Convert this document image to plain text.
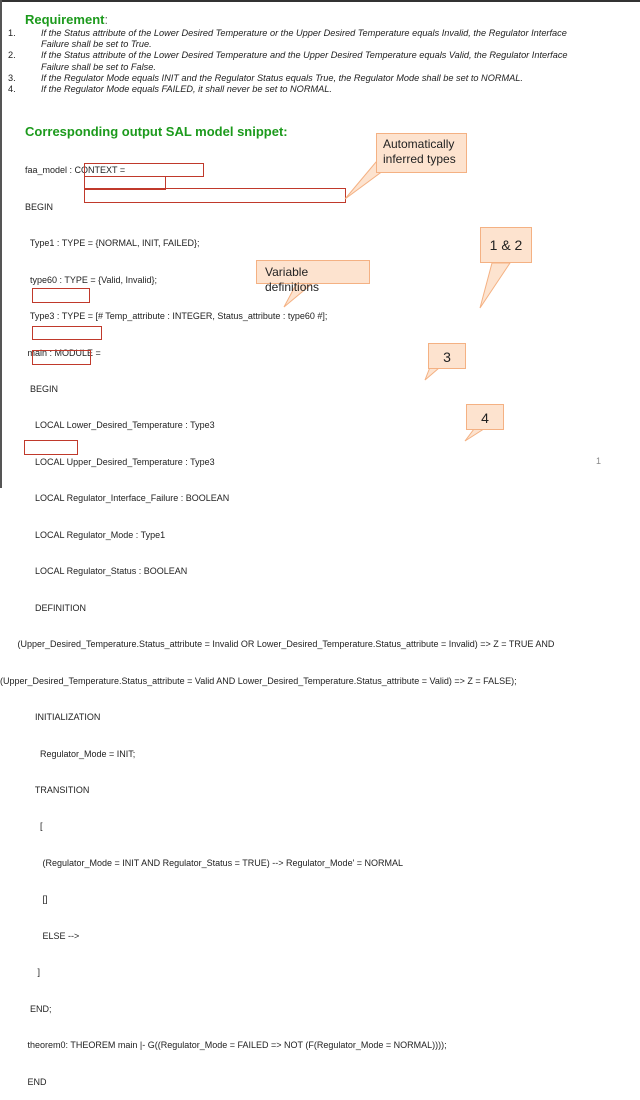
Requirement:
1.	If the Status attribute of the Lower Desired Temperature or the Upper Desired Temperature equals Invalid, the Regulator Interface
Failure shall be set to True.
2.	If the Status attribute of the Lower Desired Temperature and the Upper Desired Temperature equals Valid, the Regulator Interface
Failure shall be set to False.
3.	If the Regulator Mode equals INIT and the Regulator Status equals True, the Regulator Mode shall be set to NORMAL.
4.	If the Regulator Mode equals FAILED, it shall never be set to NORMAL.
Corresponding output SAL model snippet:

faa_model : CONTEXT =

BEGIN

Type1 : TYPE = {NORMAL, INIT, FAILED};

type60 : TYPE = {Valid, Invalid};

Type3 : TYPE = [# Temp_attribute : INTEGER, Status_attribute : type60 #];

main : MODULE =

BEGIN

LOCAL Lower_Desired_Temperature : Type3

LOCAL Upper_Desired_Temperature : Type3

LOCAL Regulator_Interface_Failure : BOOLEAN

LOCAL Regulator_Mode : Type1

LOCAL Regulator_Status : BOOLEAN

DEFINITION

(Upper_Desired_Temperature.Status_attribute = Invalid OR Lower_Desired_Temperature.Status_attribute = Invalid) => Z = TRUE AND

(Upper_Desired_Temperature.Status_attribute = Valid AND Lower_Desired_Temperature.Status_attribute = Valid) => Z = FALSE);

INITIALIZATION

Regulator_Mode = INIT;

TRANSITION

[

(Regulator_Mode = INIT AND Regulator_Status = TRUE) --> Regulator_Mode' = NORMAL

[]

ELSE -->

]

END;

theorem0: THEOREM main |- G((Regulator_Mode = FAILED => NOT (F(Regulator_Mode = NORMAL))));

END

Automatically
inferred types
Variable definitions
1 & 2
3
4
1
